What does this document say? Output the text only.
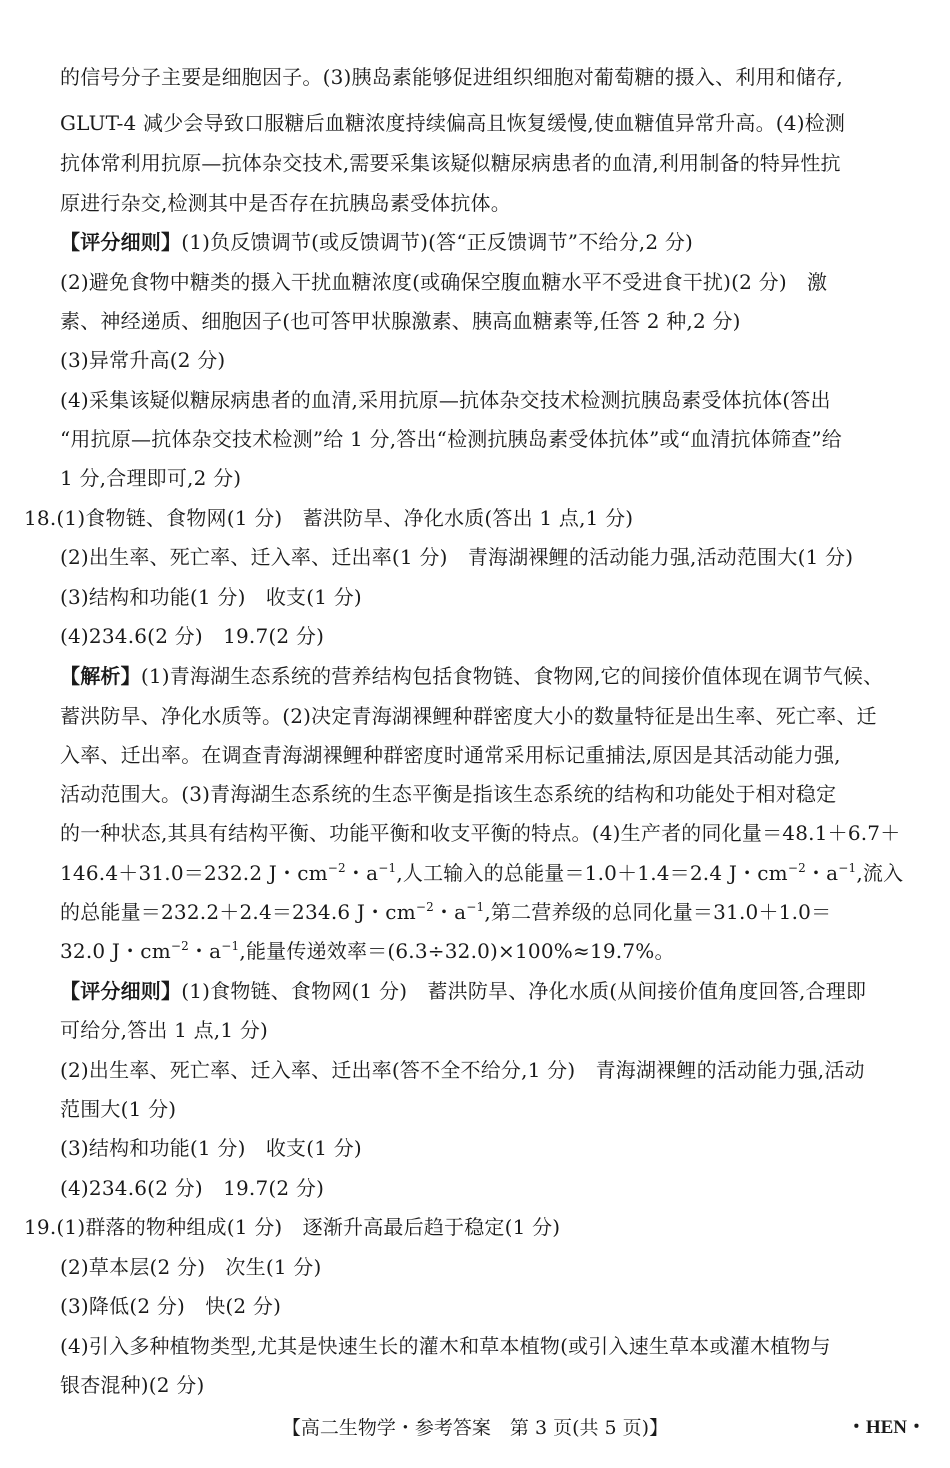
的信号分子主要是细胞因子。(3)胰岛素能够促进组织细胞对葡萄糖的摄入、利用和储存,
GLUT-4 减少会导致口服糖后血糖浓度持续偏高且恢复缓慢,使血糖值异常升高。(4)检测
抗体常利用抗原—抗体杂交技术,需要采集该疑似糖尿病患者的血清,利用制备的特异性抗
原进行杂交,检测其中是否存在抗胰岛素受体抗体。
【评分细则】(1)负反馈调节(或反馈调节)(答“正反馈调节”不给分,2 分)
(2)避免食物中糖类的摄入干扰血糖浓度(或确保空腹血糖水平不受进食干扰)(2 分)　激
素、神经递质、细胞因子(也可答甲状腺激素、胰高血糖素等,任答 2 种,2 分)
(3)异常升高(2 分)
(4)采集该疑似糖尿病患者的血清,采用抗原—抗体杂交技术检测抗胰岛素受体抗体(答出
“用抗原—抗体杂交技术检测”给 1 分,答出“检测抗胰岛素受体抗体”或“血清抗体筛查”给
1 分,合理即可,2 分)
18.(1)食物链、食物网(1 分)　蓄洪防旱、净化水质(答出 1 点,1 分)
(2)出生率、死亡率、迁入率、迁出率(1 分)　青海湖裸鲤的活动能力强,活动范围大(1 分)
(3)结构和功能(1 分)　收支(1 分)
(4)234.6(2 分)　19.7(2 分)
【解析】(1)青海湖生态系统的营养结构包括食物链、食物网,它的间接价值体现在调节气候、
蓄洪防旱、净化水质等。(2)决定青海湖裸鲤种群密度大小的数量特征是出生率、死亡率、迁
入率、迁出率。在调查青海湖裸鲤种群密度时通常采用标记重捕法,原因是其活动能力强,
活动范围大。(3)青海湖生态系统的生态平衡是指该生态系统的结构和功能处于相对稳定
的一种状态,其具有结构平衡、功能平衡和收支平衡的特点。(4)生产者的同化量＝48.1＋6.7＋
146.4＋31.0＝232.2 J・$cm^{-2}$・$a^{-1}$,人工输入的总能量＝1.0＋1.4＝2.4 J・$cm^{-2}$・$a^{-1}$,流入
的总能量＝232.2＋2.4＝234.6 J・$cm^{-2}$・$a^{-1}$,第二营养级的总同化量＝31.0＋1.0＝
32.0 J・$cm^{-2}$・$a^{-1}$,能量传递效率＝(6.3÷32.0)×100%≈19.7%。
【评分细则】(1)食物链、食物网(1 分)　蓄洪防旱、净化水质(从间接价值角度回答,合理即
可给分,答出 1 点,1 分)
(2)出生率、死亡率、迁入率、迁出率(答不全不给分,1 分)　青海湖裸鲤的活动能力强,活动
范围大(1 分)
(3)结构和功能(1 分)　收支(1 分)
(4)234.6(2 分)　19.7(2 分)
19.(1)群落的物种组成(1 分)　逐渐升高最后趋于稳定(1 分)
(2)草本层(2 分)　次生(1 分)
(3)降低(2 分)　快(2 分)
(4)引入多种植物类型,尤其是快速生长的灌木和草本植物(或引入速生草本或灌木植物与
银杏混种)(2 分)
【高二生物学・参考答案　第 3 页(共 5 页)】	・HEN・
